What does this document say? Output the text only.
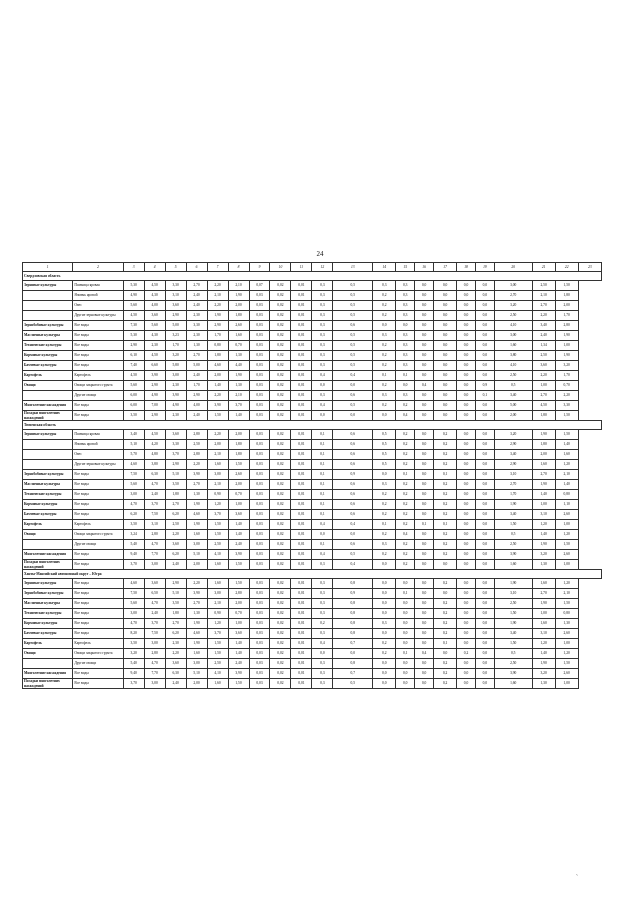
24
1	2	3	4	5	6	7	8	9	10	11	12	13	14	15	16	17	18	19	20	21	22	23
Свердловская область																						
Зерновые культуры	Пшеница яровая	5,30	4,50	3,30	2,70	2,20	2,10	0,07	0,02	0,01	0,3	0,5	0,3	0,3	0,0	0,0	0,0	0,0	3,00	2,50	1,50	
	Ячмень яровой	4,90	4,30	3,10	2,40	2,10	1,90	0,03	0,02	0,01	0,3	0,5	0,2	0,3	0,0	0,0	0,0	0,0	2,70	2,10	1,80	
	Овес	5,60	4,00	3,60	2,40	2,20	2,00	0,03	0,02	0,01	0,3	0,5	0,2	0,3	0,0	0,0	0,0	0,0	3,20	2,70	2,00	
	Другие зерновые культуры	4,50	3,60	2,90	2,30	1,90	1,80	0,03	0,02	0,01	0,3	0,5	0,2	0,3	0,0	0,0	0,0	0,0	2,50	2,20	1,70	
Зернобобовые культуры	Все виды	7,30	5,60	5,00	3,30	2,90	2,60	0,03	0,02	0,01	0,3	0,6	0,0	0,0	0,0	0,0	0,0	0,0	4,10	3,40	2,80	
Масличные культуры	Все виды	5,30	4,30	3,23	2,30	1,70	1,60	0,03	0,02	0,01	0,3	0,5	0,3	0,3	0,0	0,0	0,0	0,0	3,00	2,40	1,90	
Технические культуры	Все виды	2,90	2,30	1,70	1,30	0,80	0,70	0,03	0,02	0,01	0,3	0,5	0,2	0,3	0,0	0,0	0,0	0,0	1,60	1,34	1,00	
Кормовые культуры	Все виды	6,10	4,50	3,20	2,70	1,80	1,30	0,03	0,02	0,01	0,3	0,5	0,2	0,3	0,0	0,0	0,0	0,0	3,80	2,50	1,90	
Бахчевые культуры	Все виды	7,40	6,60	5,80	5,00	4,60	4,40	0,03	0,02	0,01	0,3	0,5	0,2	0,3	0,0	0,0	0,0	0,0	4,10	3,60	3,20	
Картофель	Картофель	4,50	3,90	3,00	2,40	2,00	1,90	0,03	0,02	0,01	0,4	0,4	0,1	0,1	0,0	0,0	0,0	0,0	2,50	2,20	1,70	
Овощи	Овощи закрытого грунта	5,60	2,90	2,30	1,70	1,40	1,30	0,03	0,02	0,01	0,0	0,0	0,2	0,0	0,4	0,0	0,0	0,9	0,5	1,00	0,70	
	Другие овощи	6,00	4,90	3,90	2,90	2,20	2,10	0,03	0,02	0,01	0,3	0,6	0,3	0,3	0,0	0,0	0,0	0,1	3,40	2,70	2,20	
Многолетние насаждения	Все виды	6,00	7,00	4,90	4,00	3,90	3,70	0,03	0,02	0,01	0,4	0,5	0,2	0,2	0,0	0,0	0,0	0,0	5,00	4,50	3,30	
Посадки многолетних насаждений	Все виды	3,50	2,90	2,30	2,40	1,50	1,40	0,03	0,02	0,01	0,0	0,0	0,0	0,4	0,0	0,0	0,0	0,0	2,00	1,80	1,50	
Тюменская область																						
Зерновые культуры	Пшеница яровая	3,40	4,50	3,60	2,80	2,20	2,00	0,03	0,02	0,01	0,1	0,6	0,5	0,2	0,0	0,2	0,0	0,0	3,20	1,90	1,50	
	Ячмень яровой	5,10	4,20	3,30	2,50	2,00	1,80	0,03	0,02	0,01	0,1	0,6	0,5	0,2	0,0	0,2	0,0	0,0	2,90	1,80	1,40	
	Овес	5,70	4,80	3,70	2,80	2,10	1,80	0,03	0,02	0,01	0,1	0,6	0,5	0,2	0,0	0,2	0,0	0,0	3,40	2,00	1,60	
	Другие зерновые культуры	4,60	3,80	2,90	2,20	1,60	1,50	0,03	0,02	0,01	0,1	0,6	0,5	0,2	0,0	0,2	0,0	0,0	2,90	1,60	1,20	
Зернобобовые культуры	Все виды	7,50	6,30	5,10	3,90	3,00	2,60	0,03	0,02	0,01	0,1	0,9	0,0	0,1	0,0	0,1	0,0	0,0	3,10	2,70	2,10	
Масличные культуры	Все виды	5,60	4,70	3,50	2,70	2,10	2,00	0,03	0,02	0,01	0,1	0,6	0,3	0,2	0,0	0,2	0,0	0,0	2,70	1,90	1,40	
Технические культуры	Все виды	3,00	2,40	1,80	1,30	0,90	0,70	0,03	0,02	0,01	0,1	0,6	0,2	0,2	0,0	0,2	0,0	0,0	1,70	1,40	0,80	
Кормовые культуры	Все виды	4,70	3,70	2,70	1,90	1,20	1,00	0,03	0,02	0,01	0,1	0,6	0,2	0,2	0,0	0,2	0,0	0,0	1,90	1,00	1,10	
Бахчевые культуры	Все виды	6,20	7,50	6,20	4,60	3,70	3,60	0,03	0,02	0,01	0,1	0,6	0,2	0,2	0,0	0,2	0,0	0,0	3,40	3,10	2,60	
Картофель	Картофель	3,50	3,10	2,50	1,90	1,50	1,40	0,03	0,02	0,01	0,4	0,4	0,1	0,2	0,1	0,1	0,0	0,0	1,50	1,20	1,00	
Овощи	Овощи закрытого грунта	3,24	2,80	2,20	1,60	1,50	1,40	0,03	0,02	0,01	0,0	0,0	0,2	0,4	0,0	0,2	0,0	0,0	0,5	1,40	1,20	
	Другие овощи	5,40	4,70	3,60	3,00	2,50	2,40	0,03	0,02	0,01	0,1	0,6	0,3	0,2	0,0	0,2	0,0	0,0	2,50	1,90	1,50	
Многолетние насаждения	Все виды	9,40	7,70	6,20	5,10	4,10	3,90	0,03	0,02	0,01	0,4	0,5	0,2	0,2	0,0	0,2	0,0	0,0	3,90	3,20	2,60	
Посадки многолетних насаждений	Все виды	3,70	3,00	2,40	2,00	1,60	1,50	0,03	0,02	0,01	0,3	0,4	0,0	0,2	0,0	0,0	0,0	0,0	1,60	1,30	1,00	
Ханты-Мансийский автономный округ – Югра																						
Зерновые культуры	Все виды	4,60	3,60	2,90	2,20	1,60	1,50	0,03	0,02	0,01	0,3	0,8	0,0	0,0	0,0	0,2	0,0	0,0	1,90	1,60	1,20	
Зернобобовые культуры	Все виды	7,50	6,50	5,10	3,90	3,00	2,80	0,03	0,02	0,01	0,3	0,9	0,0	0,1	0,0	0,0	0,0	0,0	3,10	2,70	2,10	
Масличные культуры	Все виды	5,60	4,70	3,50	2,70	2,10	2,00	0,03	0,02	0,01	0,3	0,8	0,0	0,0	0,0	0,2	0,0	0,0	2,50	1,90	1,50	
Технические культуры	Все виды	3,00	2,40	1,80	1,30	0,90	0,70	0,03	0,02	0,01	0,3	0,8	0,0	0,0	0,0	0,2	0,0	0,0	1,50	1,00	0,80	
Кормовые культуры	Все виды	4,70	3,70	2,70	1,90	1,20	1,00	0,03	0,02	0,01	0,2	0,8	0,3	0,0	0,0	0,2	0,0	0,0	1,90	1,60	1,30	
Бахчевые культуры	Все виды	8,20	7,50	6,20	4,60	3,70	3,60	0,03	0,02	0,01	0,3	0,8	0,0	0,0	0,0	0,2	0,0	0,0	3,40	3,10	2,60	
Картофель	Картофель	3,50	3,00	2,30	1,90	1,50	1,40	0,03	0,02	0,01	0,4	0,7	0,2	0,0	0,0	0,1	0,0	0,0	1,50	1,20	1,00	
Овощи	Овощи закрытого грунта	3,20	2,80	2,20	1,60	1,50	1,40	0,03	0,02	0,01	0,0	0,0	0,2	0,1	0,4	0,0	0,2	0,0	0,5	1,40	1,20	
	Другие овощи	5,40	4,70	3,60	3,00	2,50	2,40	0,03	0,02	0,01	0,3	0,8	0,0	0,0	0,0	0,2	0,0	0,0	2,50	1,90	1,50	
Многолетние насаждения	Все виды	9,40	7,70	6,30	5,10	4,10	3,90	0,03	0,02	0,01	0,3	0,7	0,0	0,0	0,0	0,2	0,0	0,0	3,90	3,20	2,60	
Посадки многолетних насаждений	Все виды	3,70	3,00	2,40	2,00	1,60	1,50	0,03	0,02	0,01	0,3	0,5	0,0	0,0	0,0	0,2	0,0	0,0	1,60	1,30	1,00	
ˎ
